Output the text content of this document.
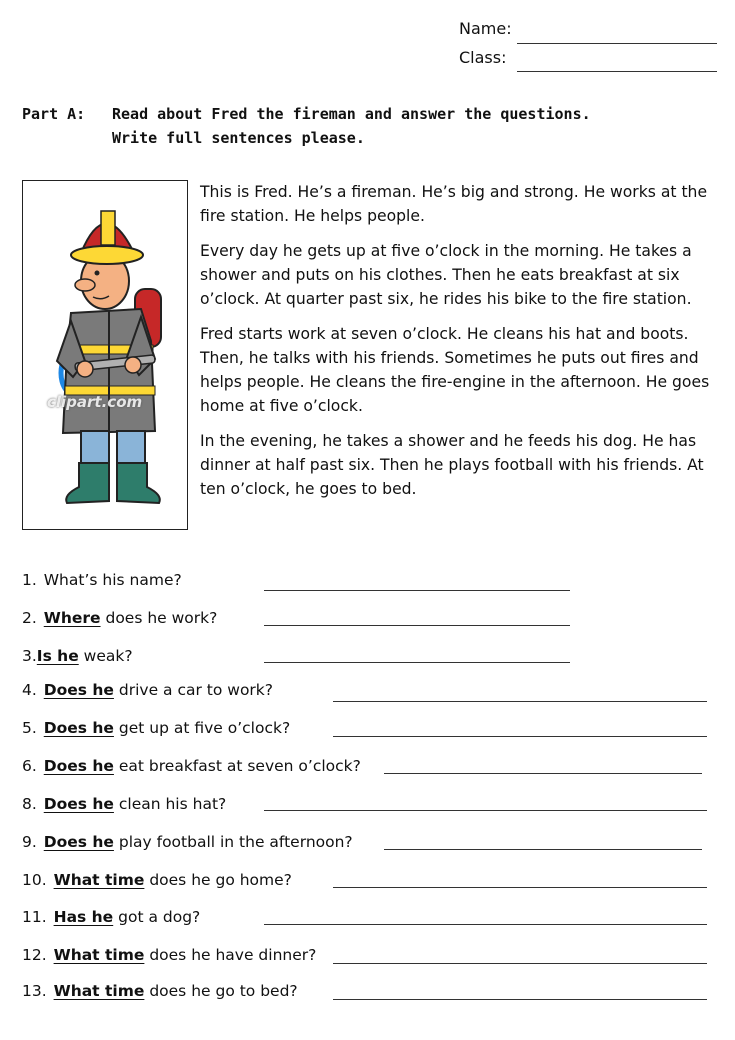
Name:
Class:
Part A: Read about Fred the fireman and answer the questions.
Write full sentences please.
clipart.com

This is Fred. He’s a fireman. He’s big and strong. He works at the fire station. He helps people.

Every day he gets up at five o’clock in the morning. He takes a shower and puts on his clothes. Then he eats breakfast at six o’clock. At quarter past six, he rides his bike to the fire station.

Fred starts work at seven o’clock. He cleans his hat and boots. Then, he talks with his friends. Sometimes he puts out fires and helps people. He cleans the fire-engine in the afternoon. He goes home at five o’clock.

In the evening, he takes a shower and he feeds his dog. He has dinner at half past six. Then he plays football with his friends. At ten o’clock, he goes to bed.

1. What’s his name?
2. Where does he work?
3.Is he weak?
4. Does he drive a car to work?
5. Does he get up at five o’clock?
6. Does he eat breakfast at seven o’clock?
8. Does he clean his hat?
9. Does he play football in the afternoon?
10. What time does he go home?
11. Has he got a dog?
12. What time does he have dinner?
13. What time does he go to bed?
